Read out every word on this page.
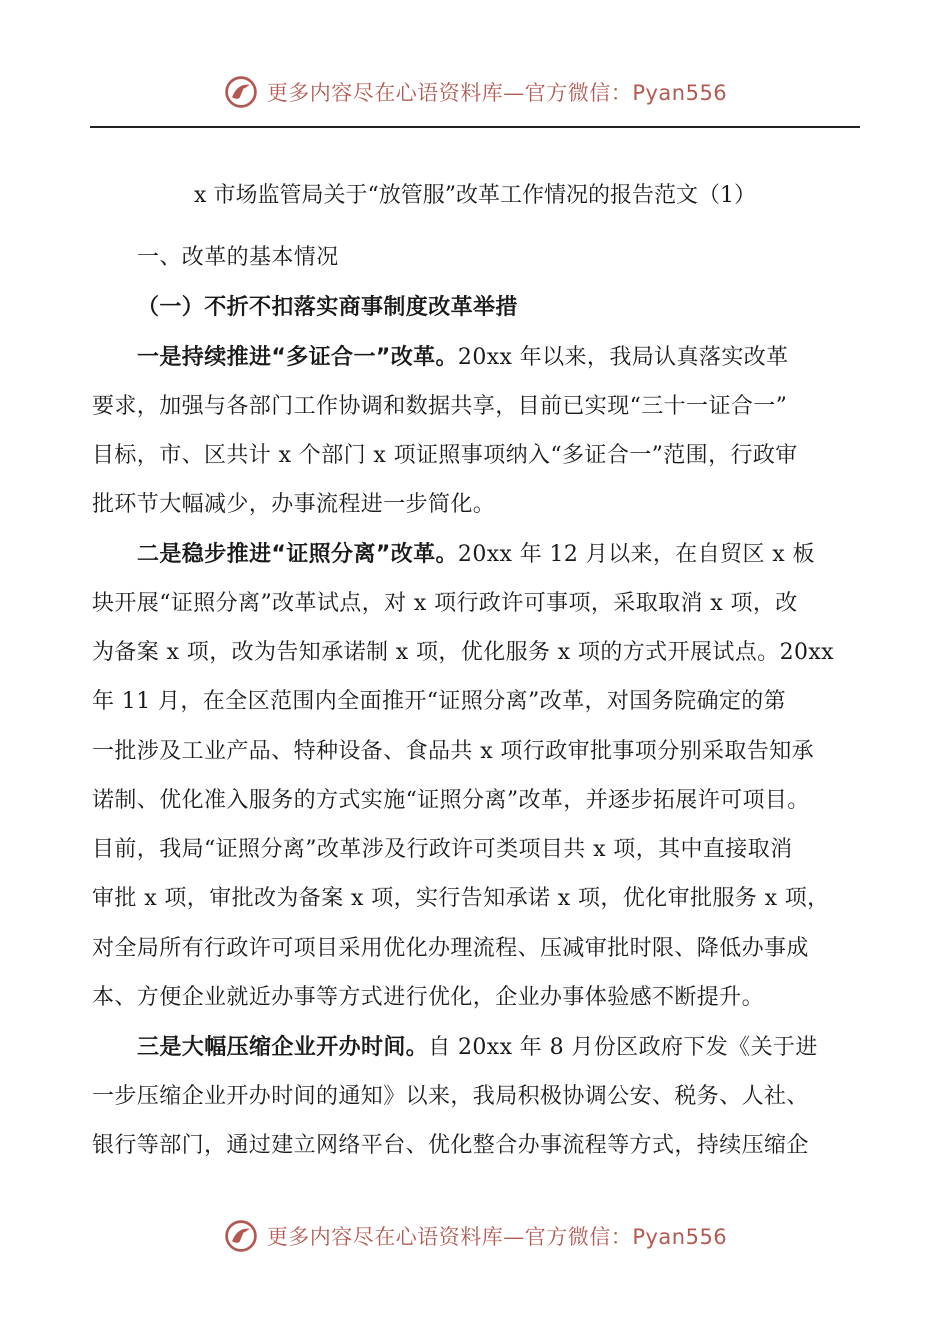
更多内容尽在心语资料库—官方微信：Pyan556
x 市场监管局关于“放管服”改革工作情况的报告范文（1）
一、改革的基本情况
（一）不折不扣落实商事制度改革举措
一是持续推进“多证合一”改革。20xx 年以来，我局认真落实改革
要求，加强与各部门工作协调和数据共享，目前已实现“三十一证合一”
目标，市、区共计 x 个部门 x 项证照事项纳入“多证合一”范围，行政审
批环节大幅减少，办事流程进一步简化。
二是稳步推进“证照分离”改革。20xx 年 12 月以来，在自贸区 x 板
块开展“证照分离”改革试点，对 x 项行政许可事项，采取取消 x 项，改
为备案 x 项，改为告知承诺制 x 项，优化服务 x 项的方式开展试点。20xx
年 11 月，在全区范围内全面推开“证照分离”改革，对国务院确定的第
一批涉及工业产品、特种设备、食品共 x 项行政审批事项分别采取告知承
诺制、优化准入服务的方式实施“证照分离”改革，并逐步拓展许可项目。
目前，我局“证照分离”改革涉及行政许可类项目共 x 项，其中直接取消
审批 x 项，审批改为备案 x 项，实行告知承诺 x 项，优化审批服务 x 项，
对全局所有行政许可项目采用优化办理流程、压减审批时限、降低办事成
本、方便企业就近办事等方式进行优化，企业办事体验感不断提升。
三是大幅压缩企业开办时间。自 20xx 年 8 月份区政府下发《关于进
一步压缩企业开办时间的通知》以来，我局积极协调公安、税务、人社、
银行等部门，通过建立网络平台、优化整合办事流程等方式，持续压缩企
更多内容尽在心语资料库—官方微信：Pyan556
